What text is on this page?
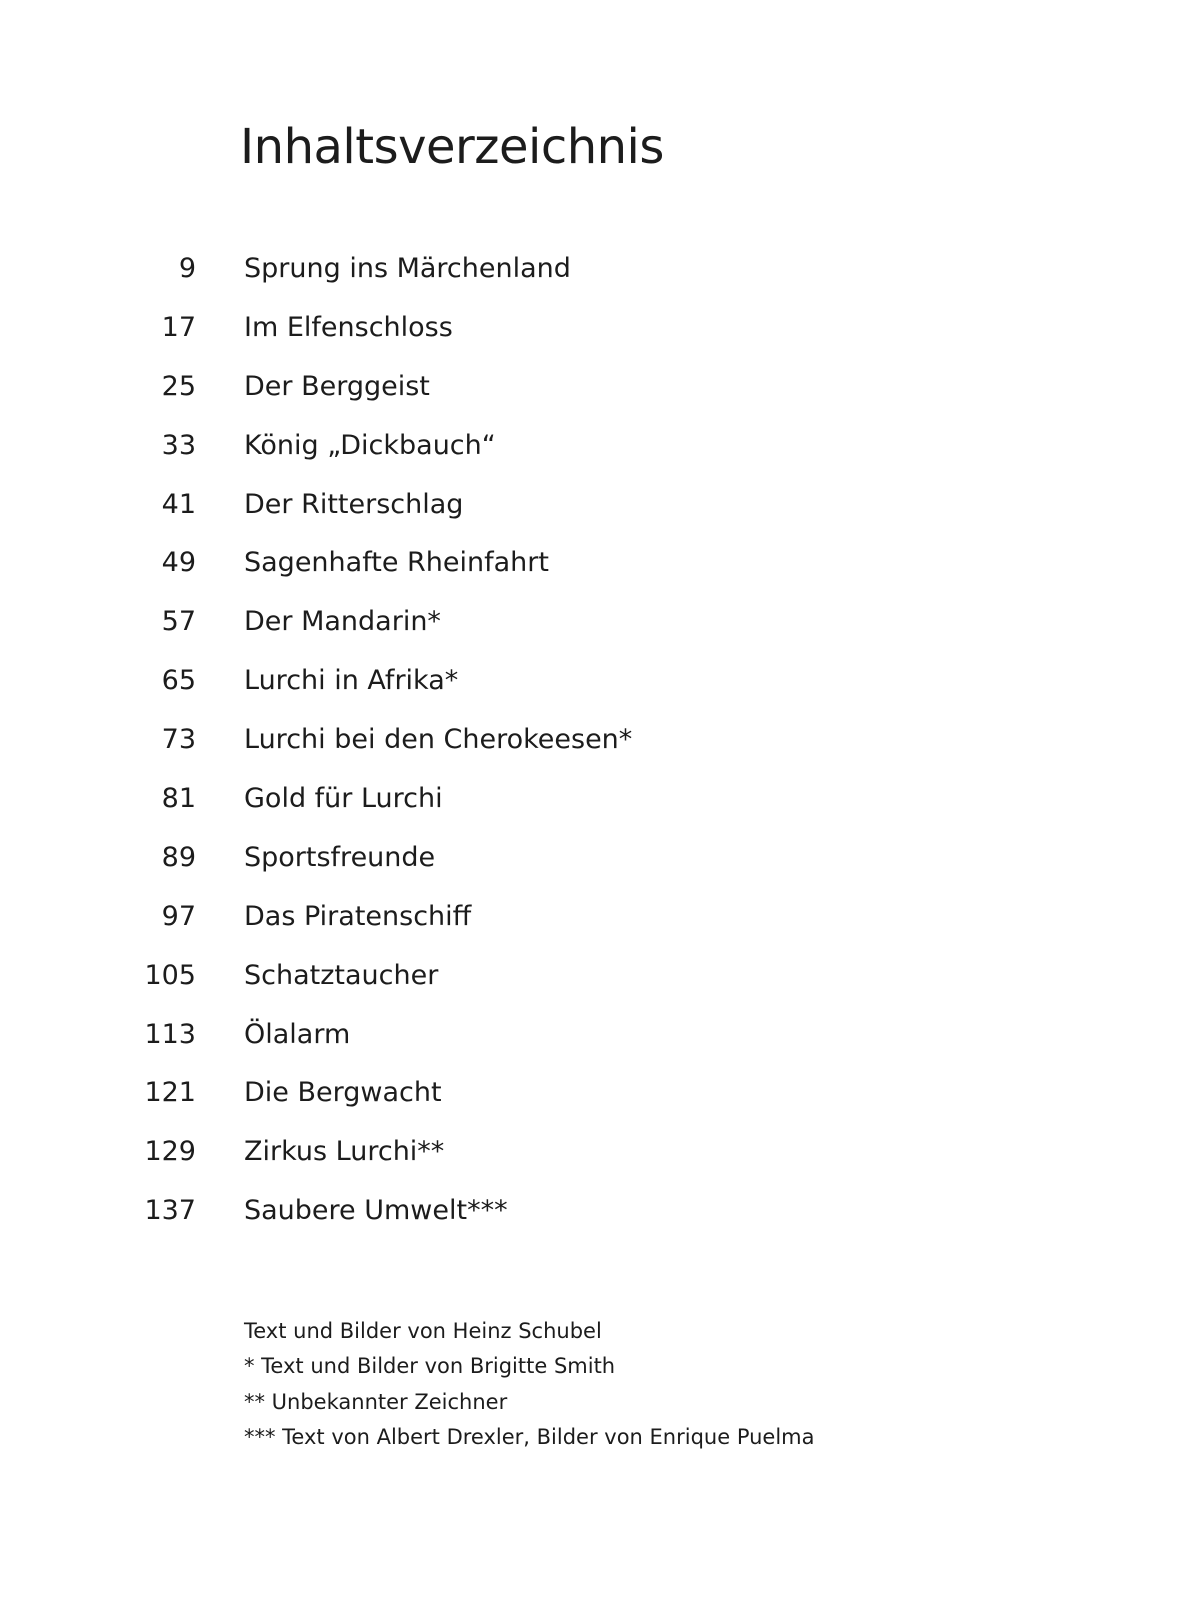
Inhaltsverzeichnis
9 Sprung ins Märchenland
17 Im Elfenschloss
25 Der Berggeist
33 König „Dickbauch“
41 Der Ritterschlag
49 Sagenhafte Rheinfahrt
57 Der Mandarin*
65 Lurchi in Afrika*
73 Lurchi bei den Cherokeesen*
81 Gold für Lurchi
89 Sportsfreunde
97 Das Piratenschiff
105 Schatztaucher
113 Ölalarm
121 Die Bergwacht
129 Zirkus Lurchi**
137 Saubere Umwelt***
Text und Bilder von Heinz Schubel
* Text und Bilder von Brigitte Smith
** Unbekannter Zeichner
*** Text von Albert Drexler, Bilder von Enrique Puelma
